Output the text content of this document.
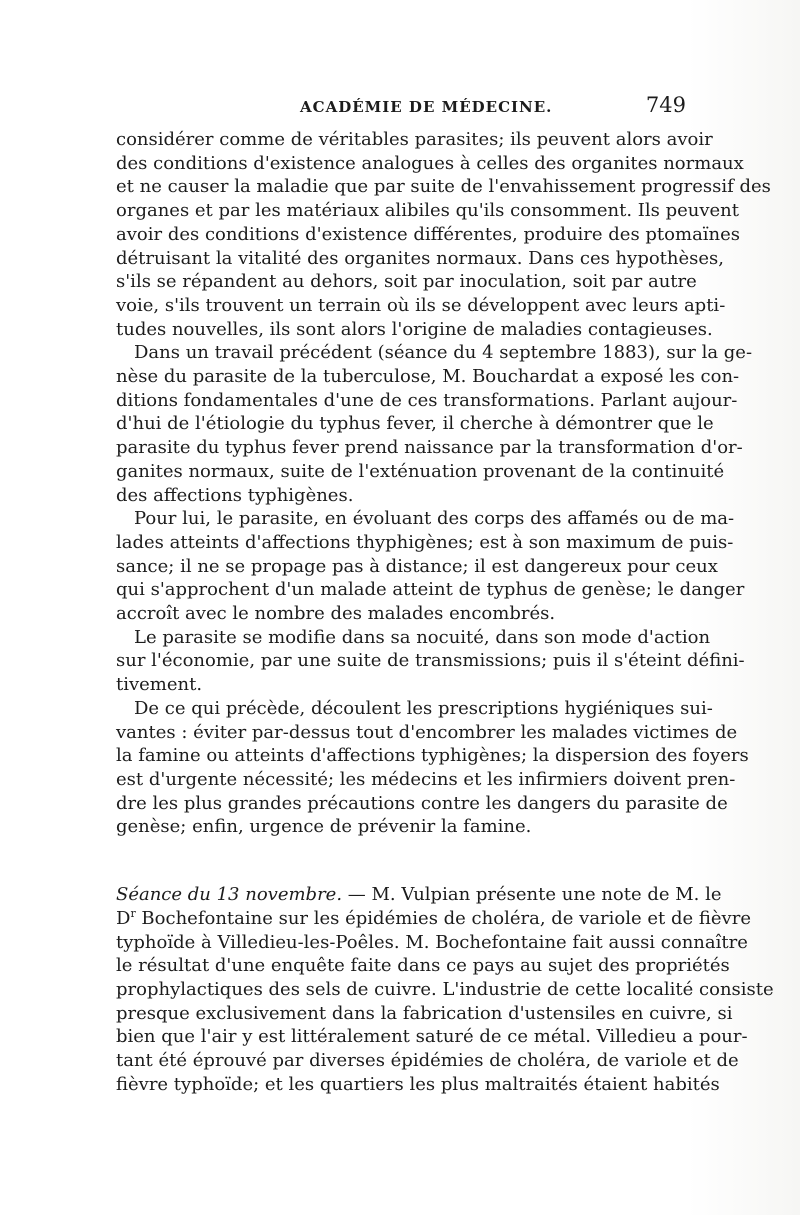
ACADÉMIE DE MÉDECINE.	749
considérer comme de véritables parasites; ils peuvent alors avoir
des conditions d'existence analogues à celles des organites normaux
et ne causer la maladie que par suite de l'envahissement progressif des
organes et par les matériaux alibiles qu'ils consomment. Ils peuvent
avoir des conditions d'existence différentes, produire des ptomaïnes
détruisant la vitalité des organites normaux. Dans ces hypothèses,
s'ils se répandent au dehors, soit par inoculation, soit par autre
voie, s'ils trouvent un terrain où ils se développent avec leurs apti-
tudes nouvelles, ils sont alors l'origine de maladies contagieuses.
Dans un travail précédent (séance du 4 septembre 1883), sur la ge-
nèse du parasite de la tuberculose, M. Bouchardat a exposé les con-
ditions fondamentales d'une de ces transformations. Parlant aujour-
d'hui de l'étiologie du typhus fever, il cherche à démontrer que le
parasite du typhus fever prend naissance par la transformation d'or-
ganites normaux, suite de l'exténuation provenant de la continuité
des affections typhigènes.
Pour lui, le parasite, en évoluant des corps des affamés ou de ma-
lades atteints d'affections thyphigènes; est à son maximum de puis-
sance; il ne se propage pas à distance; il est dangereux pour ceux
qui s'approchent d'un malade atteint de typhus de genèse; le danger
accroît avec le nombre des malades encombrés.
Le parasite se modifie dans sa nocuité, dans son mode d'action
sur l'économie, par une suite de transmissions; puis il s'éteint défini-
tivement.
De ce qui précède, découlent les prescriptions hygiéniques sui-
vantes : éviter par-dessus tout d'encombrer les malades victimes de
la famine ou atteints d'affections typhigènes; la dispersion des foyers
est d'urgente nécessité; les médecins et les infirmiers doivent pren-
dre les plus grandes précautions contre les dangers du parasite de
genèse; enfin, urgence de prévenir la famine.
Séance du 13 novembre. — M. Vulpian présente une note de M. le
$D^r$ Bochefontaine sur les épidémies de choléra, de variole et de fièvre
typhoïde à Villedieu-les-Poêles. M. Bochefontaine fait aussi connaître
le résultat d'une enquête faite dans ce pays au sujet des propriétés
prophylactiques des sels de cuivre. L'industrie de cette localité consiste
presque exclusivement dans la fabrication d'ustensiles en cuivre, si
bien que l'air y est littéralement saturé de ce métal. Villedieu a pour-
tant été éprouvé par diverses épidémies de choléra, de variole et de
fièvre typhoïde; et les quartiers les plus maltraités étaient habités
